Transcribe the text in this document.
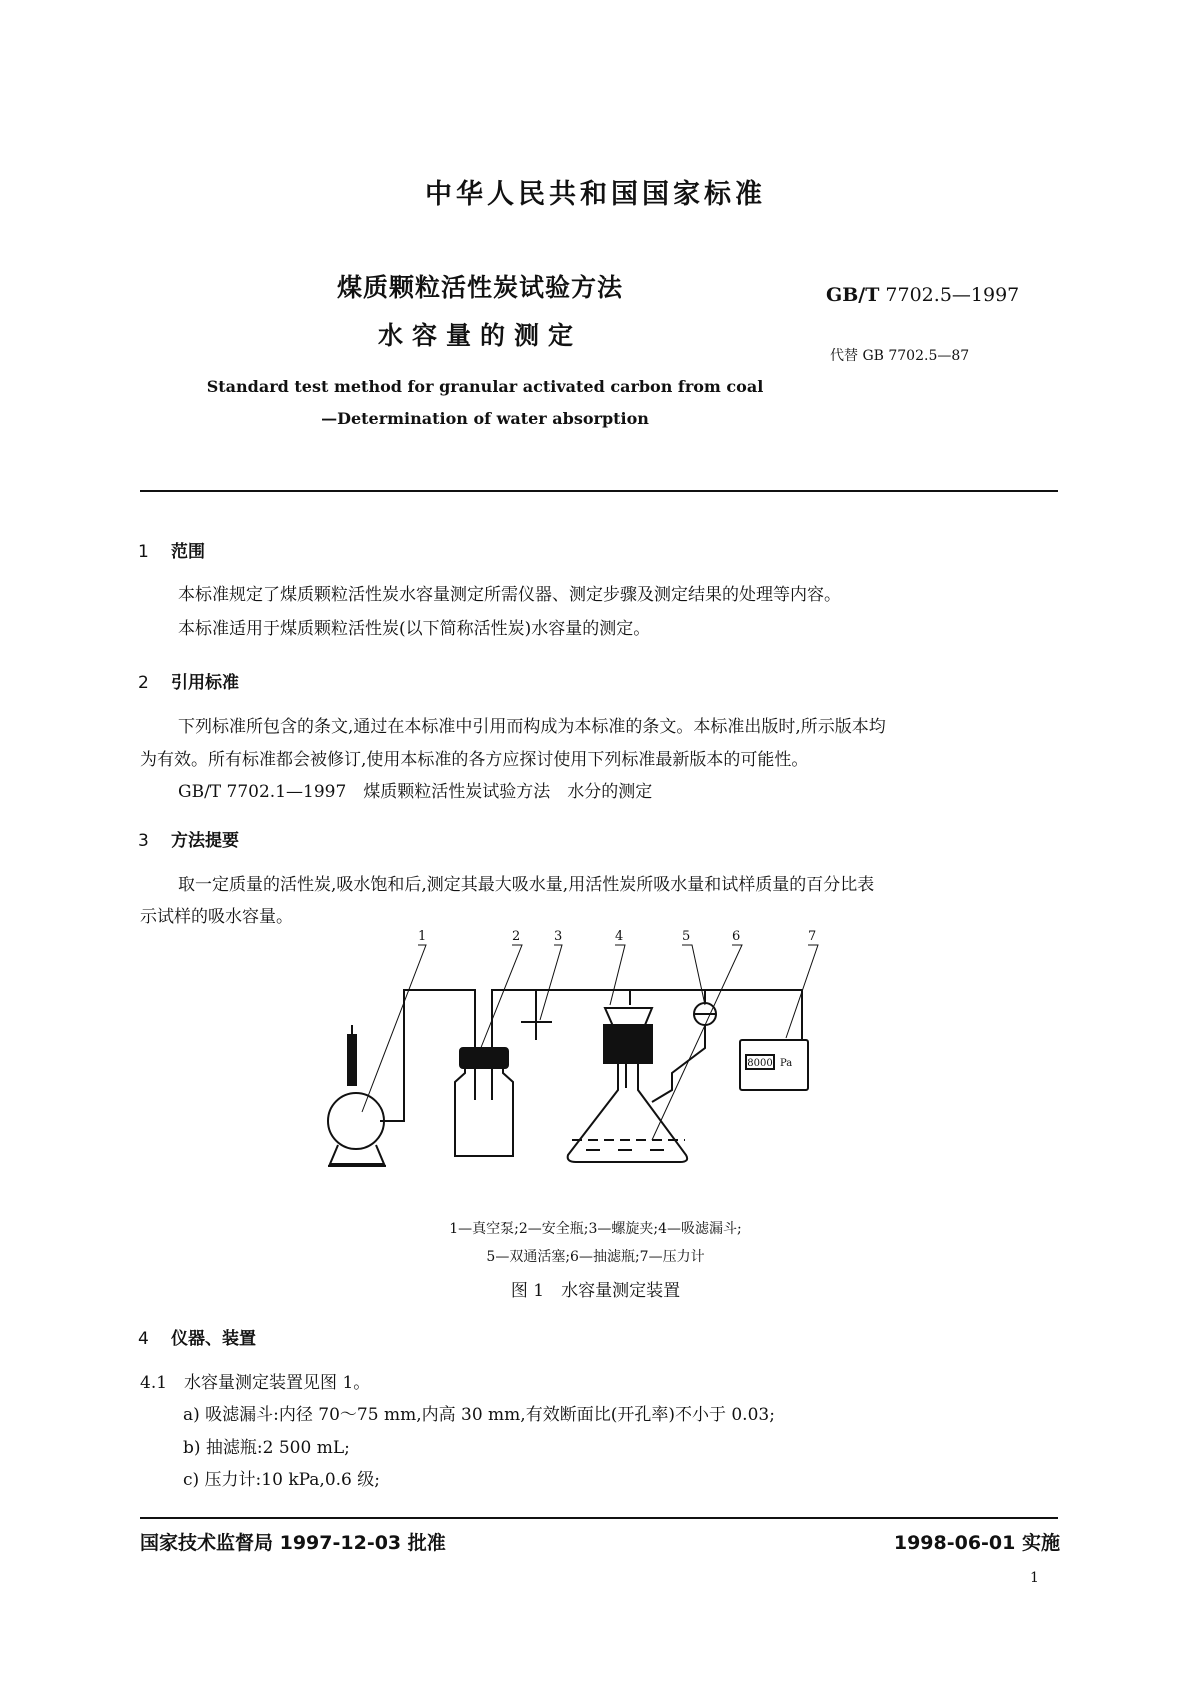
中华人民共和国国家标准
煤质颗粒活性炭试验方法
水容量的测定
GB/T 7702.5—1997
代替 GB 7702.5—87
Standard test method for granular activated carbon from coal
—Determination of water absorption
1 范围
本标准规定了煤质颗粒活性炭水容量测定所需仪器、测定步骤及测定结果的处理等内容。
本标准适用于煤质颗粒活性炭(以下简称活性炭)水容量的测定。
2 引用标准
下列标准所包含的条文,通过在本标准中引用而构成为本标准的条文。本标准出版时,所示版本均
为有效。所有标准都会被修订,使用本标准的各方应探讨使用下列标准最新版本的可能性。
GB/T 7702.1—1997　煤质颗粒活性炭试验方法　水分的测定
3 方法提要
取一定质量的活性炭,吸水饱和后,测定其最大吸水量,用活性炭所吸水量和试样质量的百分比表
示试样的吸水容量。
8000 Pa
1	2	3	4	5	6	7
1—真空泵;2—安全瓶;3—螺旋夹;4—吸滤漏斗;
5—双通活塞;6—抽滤瓶;7—压力计
图 1　水容量测定装置
4 仪器、装置
4.1　水容量测定装置见图 1。
a) 吸滤漏斗:内径 70～75 mm,内高 30 mm,有效断面比(开孔率)不小于 0.03;
b) 抽滤瓶:2 500 mL;
c) 压力计:10 kPa,0.6 级;
国家技术监督局 1997-12-03 批准	1998-06-01 实施
1
